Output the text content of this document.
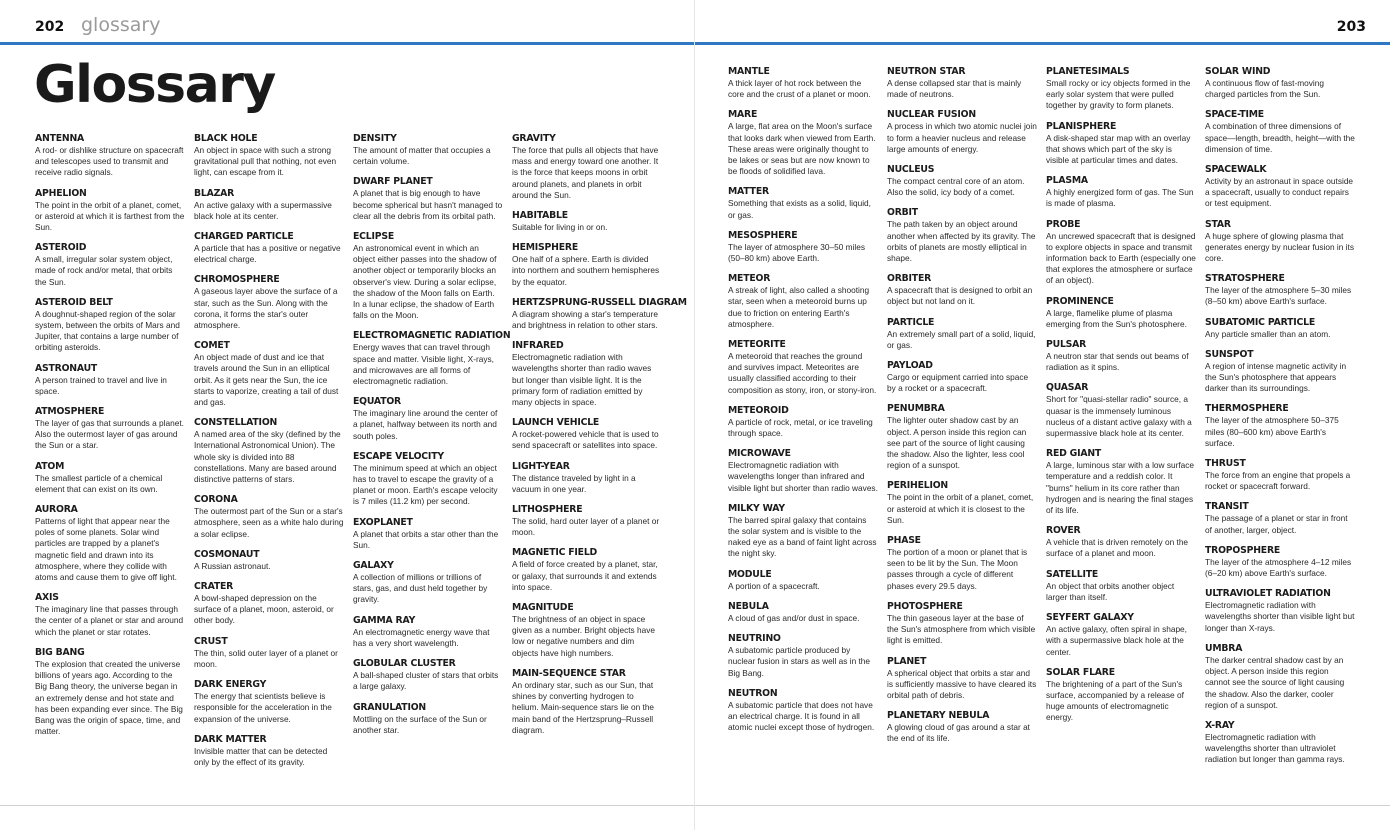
202 glossary
Glossary
ANTENNA

A rod- or dishlike structure on spacecraft and telescopes used to transmit and receive radio signals.

APHELION

The point in the orbit of a planet, comet, or asteroid at which it is farthest from the Sun.

ASTEROID

A small, irregular solar system object, made of rock and/or metal, that orbits the Sun.

ASTEROID BELT

A doughnut-shaped region of the solar system, between the orbits of Mars and Jupiter, that contains a large number of orbiting asteroids.

ASTRONAUT

A person trained to travel and live in space.

ATMOSPHERE

The layer of gas that surrounds a planet. Also the outermost layer of gas around the Sun or a star.

ATOM

The smallest particle of a chemical element that can exist on its own.

AURORA

Patterns of light that appear near the poles of some planets. Solar wind particles are trapped by a planet's magnetic field and drawn into its atmosphere, where they collide with atoms and cause them to give off light.

AXIS

The imaginary line that passes through the center of a planet or star and around which the planet or star rotates.

BIG BANG

The explosion that created the universe billions of years ago. According to the Big Bang theory, the universe began in an extremely dense and hot state and has been expanding ever since. The Big Bang was the origin of space, time, and matter.

BLACK HOLE

An object in space with such a strong gravitational pull that nothing, not even light, can escape from it.

BLAZAR

An active galaxy with a supermassive black hole at its center.

CHARGED PARTICLE

A particle that has a positive or negative electrical charge.

CHROMOSPHERE

A gaseous layer above the surface of a star, such as the Sun. Along with the corona, it forms the star's outer atmosphere.

COMET

An object made of dust and ice that travels around the Sun in an elliptical orbit. As it gets near the Sun, the ice starts to vaporize, creating a tail of dust and gas.

CONSTELLATION

A named area of the sky (defined by the International Astronomical Union). The whole sky is divided into 88 constellations. Many are based around distinctive patterns of stars.

CORONA

The outermost part of the Sun or a star's atmosphere, seen as a white halo during a solar eclipse.

COSMONAUT

A Russian astronaut.

CRATER

A bowl-shaped depression on the surface of a planet, moon, asteroid, or other body.

CRUST

The thin, solid outer layer of a planet or moon.

DARK ENERGY

The energy that scientists believe is responsible for the acceleration in the expansion of the universe.

DARK MATTER

Invisible matter that can be detected only by the effect of its gravity.

DENSITY

The amount of matter that occupies a certain volume.

DWARF PLANET

A planet that is big enough to have become spherical but hasn't managed to clear all the debris from its orbital path.

ECLIPSE

An astronomical event in which an object either passes into the shadow of another object or temporarily blocks an observer's view. During a solar eclipse, the shadow of the Moon falls on Earth. In a lunar eclipse, the shadow of Earth falls on the Moon.

ELECTROMAGNETIC RADIATION

Energy waves that can travel through space and matter. Visible light, X-rays, and microwaves are all forms of electromagnetic radiation.

EQUATOR

The imaginary line around the center of a planet, halfway between its north and south poles.

ESCAPE VELOCITY

The minimum speed at which an object has to travel to escape the gravity of a planet or moon. Earth's escape velocity is 7 miles (11.2 km) per second.

EXOPLANET

A planet that orbits a star other than the Sun.

GALAXY

A collection of millions or trillions of stars, gas, and dust held together by gravity.

GAMMA RAY

An electromagnetic energy wave that has a very short wavelength.

GLOBULAR CLUSTER

A ball-shaped cluster of stars that orbits a large galaxy.

GRANULATION

Mottling on the surface of the Sun or another star.

GRAVITY

The force that pulls all objects that have mass and energy toward one another. It is the force that keeps moons in orbit around planets, and planets in orbit around the Sun.

HABITABLE

Suitable for living in or on.

HEMISPHERE

One half of a sphere. Earth is divided into northern and southern hemispheres by the equator.

HERTZSPRUNG-RUSSELL DIAGRAM

A diagram showing a star's temperature and brightness in relation to other stars.

INFRARED

Electromagnetic radiation with wavelengths shorter than radio waves but longer than visible light. It is the primary form of radiation emitted by many objects in space.

LAUNCH VEHICLE

A rocket-powered vehicle that is used to send spacecraft or satellites into space.

LIGHT-YEAR

The distance traveled by light in a vacuum in one year.

LITHOSPHERE

The solid, hard outer layer of a planet or moon.

MAGNETIC FIELD

A field of force created by a planet, star, or galaxy, that surrounds it and extends into space.

MAGNITUDE

The brightness of an object in space given as a number. Bright objects have low or negative numbers and dim objects have high numbers.

MAIN-SEQUENCE STAR

An ordinary star, such as our Sun, that shines by converting hydrogen to helium. Main-sequence stars lie on the main band of the Hertzsprung–Russell diagram.

203
MANTLE

A thick layer of hot rock between the core and the crust of a planet or moon.

MARE

A large, flat area on the Moon's surface that looks dark when viewed from Earth. These areas were originally thought to be lakes or seas but are now known to be floods of solidified lava.

MATTER

Something that exists as a solid, liquid, or gas.

MESOSPHERE

The layer of atmosphere 30–50 miles (50–80 km) above Earth.

METEOR

A streak of light, also called a shooting star, seen when a meteoroid burns up due to friction on entering Earth's atmosphere.

METEORITE

A meteoroid that reaches the ground and survives impact. Meteorites are usually classified according to their composition as stony, iron, or stony-iron.

METEOROID

A particle of rock, metal, or ice traveling through space.

MICROWAVE

Electromagnetic radiation with wavelengths longer than infrared and visible light but shorter than radio waves.

MILKY WAY

The barred spiral galaxy that contains the solar system and is visible to the naked eye as a band of faint light across the night sky.

MODULE

A portion of a spacecraft.

NEBULA

A cloud of gas and/or dust in space.

NEUTRINO

A subatomic particle produced by nuclear fusion in stars as well as in the Big Bang.

NEUTRON

A subatomic particle that does not have an electrical charge. It is found in all atomic nuclei except those of hydrogen.

NEUTRON STAR

A dense collapsed star that is mainly made of neutrons.

NUCLEAR FUSION

A process in which two atomic nuclei join to form a heavier nucleus and release large amounts of energy.

NUCLEUS

The compact central core of an atom. Also the solid, icy body of a comet.

ORBIT

The path taken by an object around another when affected by its gravity. The orbits of planets are mostly elliptical in shape.

ORBITER

A spacecraft that is designed to orbit an object but not land on it.

PARTICLE

An extremely small part of a solid, liquid, or gas.

PAYLOAD

Cargo or equipment carried into space by a rocket or a spacecraft.

PENUMBRA

The lighter outer shadow cast by an object. A person inside this region can see part of the source of light causing the shadow. Also the lighter, less cool region of a sunspot.

PERIHELION

The point in the orbit of a planet, comet, or asteroid at which it is closest to the Sun.

PHASE

The portion of a moon or planet that is seen to be lit by the Sun. The Moon passes through a cycle of different phases every 29.5 days.

PHOTOSPHERE

The thin gaseous layer at the base of the Sun's atmosphere from which visible light is emitted.

PLANET

A spherical object that orbits a star and is sufficiently massive to have cleared its orbital path of debris.

PLANETARY NEBULA

A glowing cloud of gas around a star at the end of its life.

PLANETESIMALS

Small rocky or icy objects formed in the early solar system that were pulled together by gravity to form planets.

PLANISPHERE

A disk-shaped star map with an overlay that shows which part of the sky is visible at particular times and dates.

PLASMA

A highly energized form of gas. The Sun is made of plasma.

PROBE

An uncrewed spacecraft that is designed to explore objects in space and transmit information back to Earth (especially one that explores the atmosphere or surface of an object).

PROMINENCE

A large, flamelike plume of plasma emerging from the Sun's photosphere.

PULSAR

A neutron star that sends out beams of radiation as it spins.

QUASAR

Short for "quasi-stellar radio" source, a quasar is the immensely luminous nucleus of a distant active galaxy with a supermassive black hole at its center.

RED GIANT

A large, luminous star with a low surface temperature and a reddish color. It "burns" helium in its core rather than hydrogen and is nearing the final stages of its life.

ROVER

A vehicle that is driven remotely on the surface of a planet and moon.

SATELLITE

An object that orbits another object larger than itself.

SEYFERT GALAXY

An active galaxy, often spiral in shape, with a supermassive black hole at the center.

SOLAR FLARE

The brightening of a part of the Sun's surface, accompanied by a release of huge amounts of electromagnetic energy.

SOLAR WIND

A continuous flow of fast-moving charged particles from the Sun.

SPACE-TIME

A combination of three dimensions of space—length, breadth, height—with the dimension of time.

SPACEWALK

Activity by an astronaut in space outside a spacecraft, usually to conduct repairs or test equipment.

STAR

A huge sphere of glowing plasma that generates energy by nuclear fusion in its core.

STRATOSPHERE

The layer of the atmosphere 5–30 miles (8–50 km) above Earth's surface.

SUBATOMIC PARTICLE

Any particle smaller than an atom.

SUNSPOT

A region of intense magnetic activity in the Sun's photosphere that appears darker than its surroundings.

THERMOSPHERE

The layer of the atmosphere 50–375 miles (80–600 km) above Earth's surface.

THRUST

The force from an engine that propels a rocket or spacecraft forward.

TRANSIT

The passage of a planet or star in front of another, larger, object.

TROPOSPHERE

The layer of the atmosphere 4–12 miles (6–20 km) above Earth's surface.

ULTRAVIOLET RADIATION

Electromagnetic radiation with wavelengths shorter than visible light but longer than X-rays.

UMBRA

The darker central shadow cast by an object. A person inside this region cannot see the source of light causing the shadow. Also the darker, cooler region of a sunspot.

X-RAY

Electromagnetic radiation with wavelengths shorter than ultraviolet radiation but longer than gamma rays.
